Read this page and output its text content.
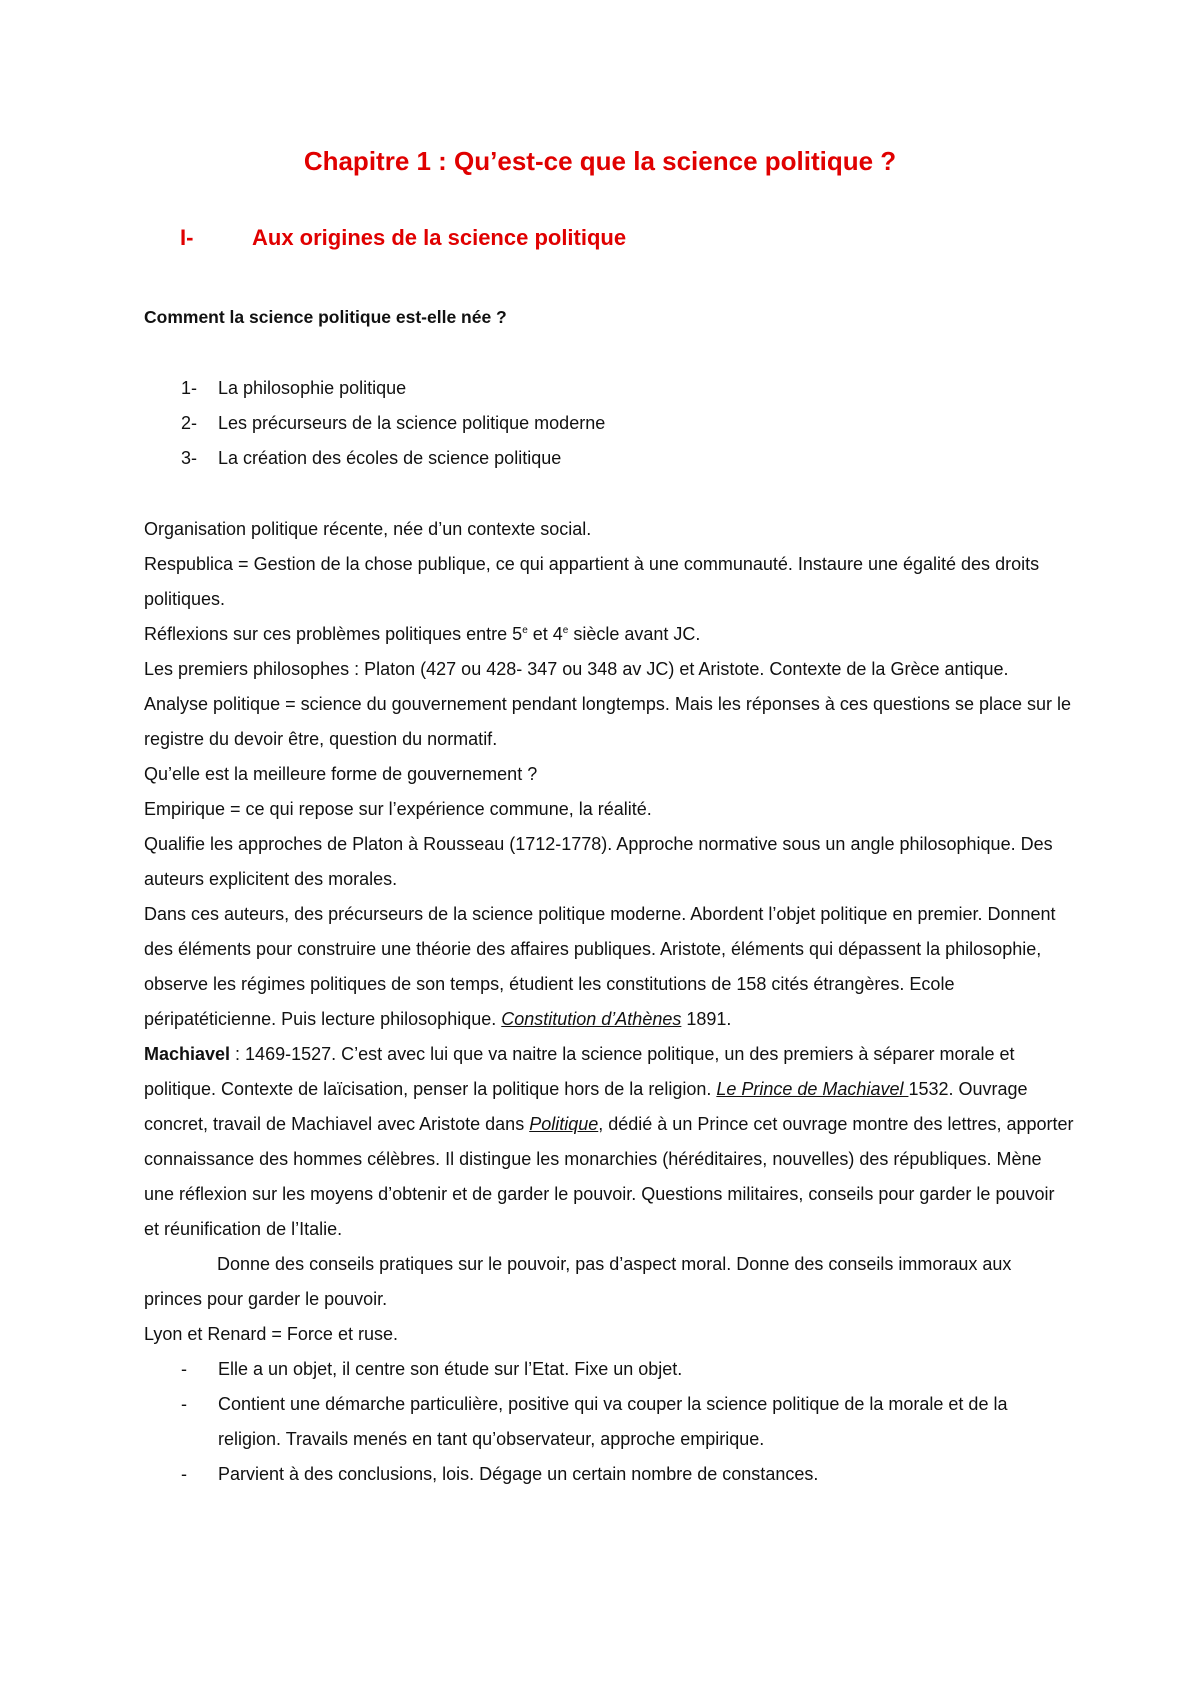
Chapitre 1 : Qu’est-ce que la science politique ?
I-	Aux origines de la science politique

Comment la science politique est-elle née ?

1- La philosophie politique
2- Les précurseurs de la science politique moderne
3- La création des écoles de science politique

Organisation politique récente, née d’un contexte social.

Respublica = Gestion de la chose publique, ce qui appartient à une communauté. Instaure une égalité des droits politiques.

Réflexions sur ces problèmes politiques entre 5e et 4e siècle avant JC.

Les premiers philosophes : Platon (427 ou 428- 347 ou 348 av JC) et Aristote. Contexte de la Grèce antique.

Analyse politique = science du gouvernement pendant longtemps. Mais les réponses à ces questions se place sur le registre du devoir être, question du normatif.

Qu’elle est la meilleure forme de gouvernement ?

Empirique = ce qui repose sur l’expérience commune, la réalité.

Qualifie les approches de Platon à Rousseau (1712-1778). Approche normative sous un angle philosophique. Des auteurs explicitent des morales.

Dans ces auteurs, des précurseurs de la science politique moderne. Abordent l’objet politique en premier. Donnent des éléments pour construire une théorie des affaires publiques. Aristote, éléments qui dépassent la philosophie, observe les régimes politiques de son temps, étudient les constitutions de 158 cités étrangères. Ecole péripatéticienne. Puis lecture philosophique. Constitution d’Athènes 1891.

Machiavel : 1469-1527. C’est avec lui que va naitre la science politique, un des premiers à séparer morale et politique. Contexte de laïcisation, penser la politique hors de la religion. Le Prince de Machiavel 1532. Ouvrage concret, travail de Machiavel avec Aristote dans Politique, dédié à un Prince cet ouvrage montre des lettres, apporter connaissance des hommes célèbres. Il distingue les monarchies (héréditaires, nouvelles) des républiques. Mène une réflexion sur les moyens d’obtenir et de garder le pouvoir. Questions militaires, conseils pour garder le pouvoir et réunification de l’Italie.

Donne des conseils pratiques sur le pouvoir, pas d’aspect moral. Donne des conseils immoraux aux princes pour garder le pouvoir.

Lyon et Renard = Force et ruse.

- Elle a un objet, il centre son étude sur l’Etat. Fixe un objet.
- Contient une démarche particulière, positive qui va couper la science politique de la morale et de la religion. Travails menés en tant qu’observateur, approche empirique.
- Parvient à des conclusions, lois. Dégage un certain nombre de constances.
